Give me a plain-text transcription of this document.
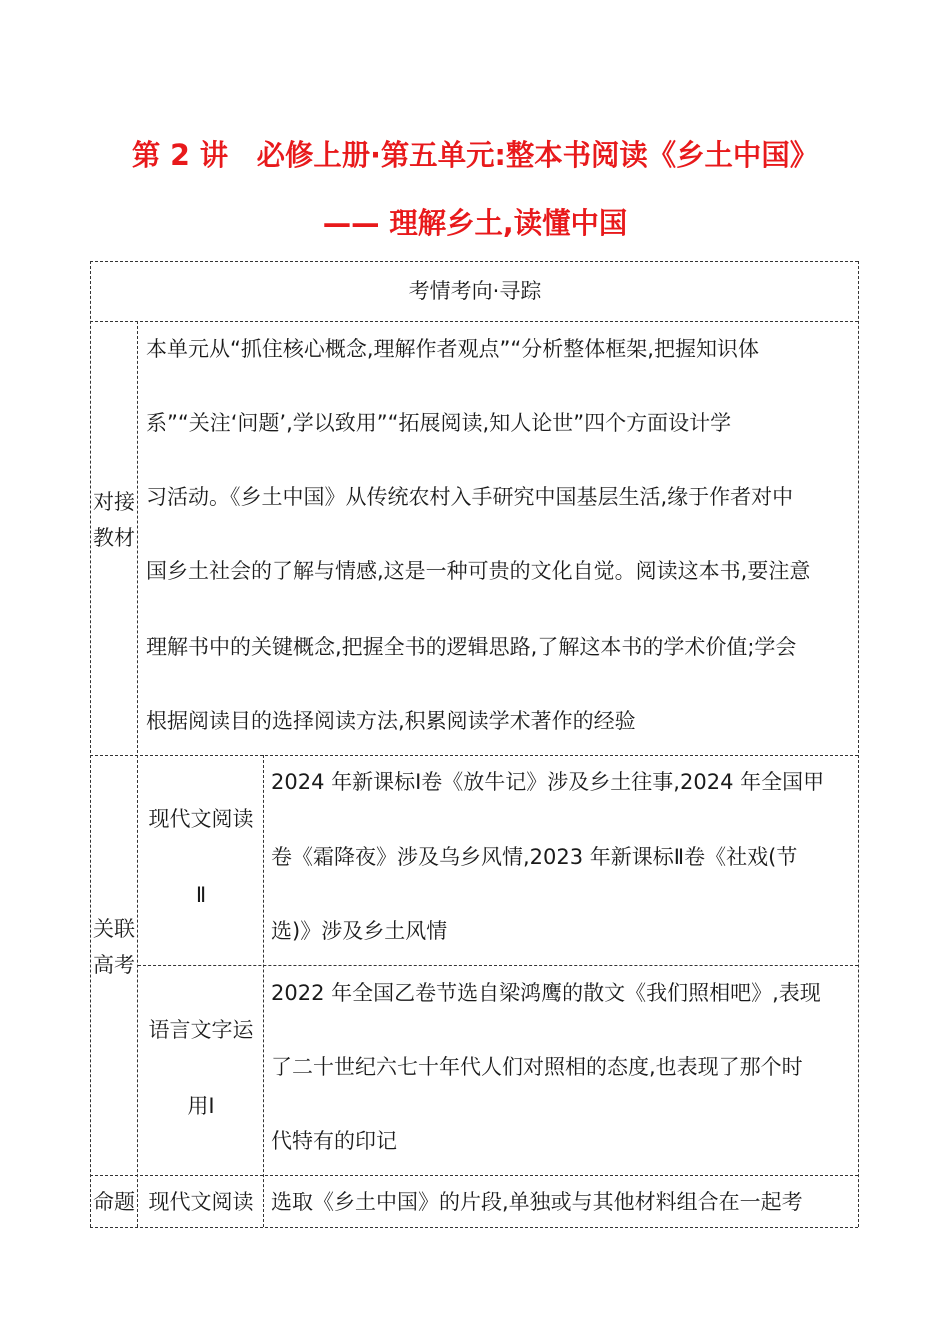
第 2 讲　必修上册·第五单元:整本书阅读《乡土中国》
—— 理解乡土,读懂中国
考情考向·寻踪
对接教材
本单元从“抓住核心概念,理解作者观点”“分析整体框架,把握知识体
系”“关注‘问题’,学以致用”“拓展阅读,知人论世”四个方面设计学
习活动。《乡土中国》从传统农村入手研究中国基层生活,缘于作者对中
国乡土社会的了解与情感,这是一种可贵的文化自觉。阅读这本书,要注意
理解书中的关键概念,把握全书的逻辑思路,了解这本书的学术价值;学会
根据阅读目的选择阅读方法,积累阅读学术著作的经验
关联高考
现代文阅读
Ⅱ
2024 年新课标Ⅰ卷《放牛记》涉及乡土往事,2024 年全国甲
卷《霜降夜》涉及乌乡风情,2023 年新课标Ⅱ卷《社戏(节
选)》涉及乡土风情
语言文字运
用Ⅰ
2022 年全国乙卷节选自梁鸿鹰的散文《我们照相吧》,表现
了二十世纪六七十年代人们对照相的态度,也表现了那个时
代特有的印记
命题 现代文阅读 选取《乡土中国》的片段,单独或与其他材料组合在一起考
